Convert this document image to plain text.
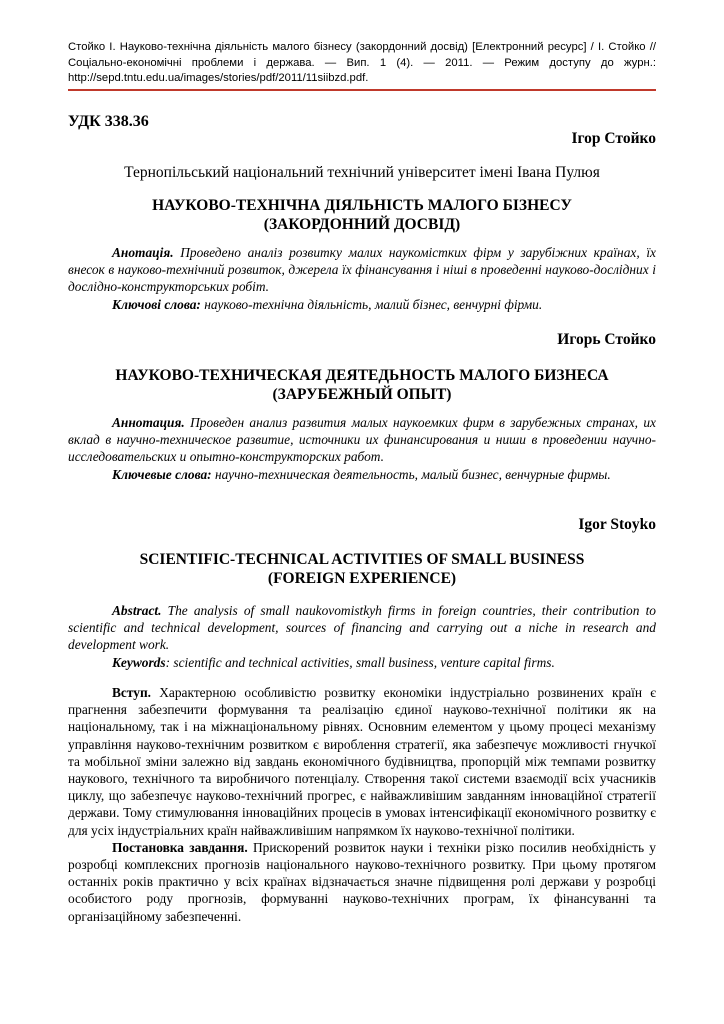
Стойко І. Науково-технічна діяльність малого бізнесу (закордонний досвід) [Електронний ресурс] / І. Стойко // Соціально-економічні проблеми і держава. — Вип. 1 (4). — 2011. — Режим доступу до журн.: http://sepd.tntu.edu.ua/images/stories/pdf/2011/11siibzd.pdf.
УДК 338.36
Ігор Стойко
Тернопільський національний технічний університет імені Івана Пулюя
НАУКОВО-ТЕХНІЧНА ДІЯЛЬНІСТЬ МАЛОГО БІЗНЕСУ
(ЗАКОРДОННИЙ ДОСВІД)

Анотація. Проведено аналіз розвитку малих наукомістких фірм у зарубіжних країнах, їх внесок в науково-технічний розвиток, джерела їх фінансування і ніші в проведенні науково-дослідних і дослідно-конструкторських робіт.

Ключові слова: науково-технічна діяльність, малий бізнес, венчурні фірми.

Игорь Стойко
НАУКОВО-ТЕХНИЧЕСКАЯ ДЕЯТЕДЬНОСТЬ МАЛОГО БИЗНЕСА
(ЗАРУБЕЖНЫЙ ОПЫТ)

Аннотация. Проведен анализ развития малых наукоемких фирм в зарубежных странах, их вклад в научно-техническое развитие, источники их финансирования и ниши в проведении научно-исследовательских и опытно-конструкторских работ.

Ключевые слова: научно-техническая деятельность, малый бизнес, венчурные фирмы.

Igor Stoyko
SCIENTIFIC-TECHNICAL ACTIVITIES OF SMALL BUSINESS
(FOREIGN EXPERIENCE)

Abstract. The analysis of small naukovomistkyh firms in foreign countries, their contribution to scientific and technical development, sources of financing and carrying out a niche in research and development work.

Keywords: scientific and technical activities, small business, venture capital firms.

Вступ. Характерною особливістю розвитку економіки індустріально розвинених країн є прагнення забезпечити формування та реалізацію єдиної науково-технічної політики як на національному, так і на міжнаціональному рівнях. Основним елементом у цьому процесі механізму управління науково-технічним розвитком є вироблення стратегії, яка забезпечує можливості гнучкої та мобільної зміни залежно від завдань економічного будівництва, пропорцій між темпами розвитку наукового, технічного та виробничого потенціалу. Створення такої системи взаємодії всіх учасників циклу, що забезпечує науково-технічний прогрес, є найважливішим завданням інноваційної стратегії держави. Тому стимулювання інноваційних процесів в умовах інтенсифікації економічного розвитку є для усіх індустріальних країн найважливішим напрямком їх науково-технічної політики.

Постановка завдання. Прискорений розвиток науки і техніки різко посилив необхідність у розробці комплексних прогнозів національного науково-технічного розвитку. При цьому протягом останніх років практично у всіх країнах відзначається значне підвищення ролі держави у розробці особистого роду прогнозів, формуванні науково-технічних програм, їх фінансуванні та організаційному забезпеченні.
